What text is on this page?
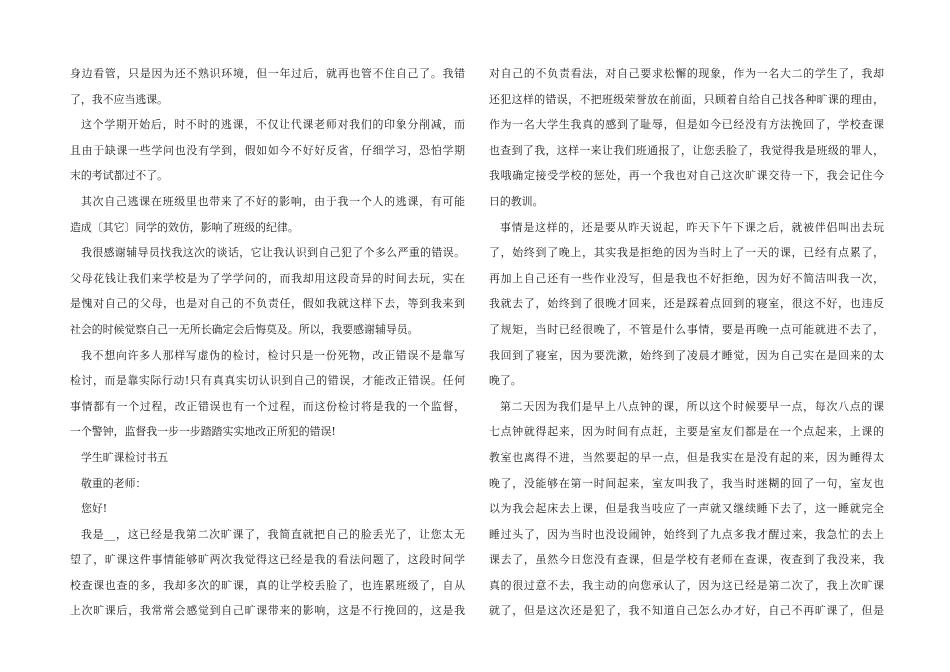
身边看管，只是因为还不熟识环境，但一年过后，就再也管不住自己了。我错
了，我不应当逃课。
这个学期开始后，时不时的逃课，不仅让代课老师对我们的印象分削减，而
且由于缺课一些学问也没有学到，假如如今不好好反省，仔细学习，恐怕学期
末的考试都过不了。
其次自己逃课在班级里也带来了不好的影响，由于我一个人的逃课，有可能
造成〔其它〕同学的效仿，影响了班级的纪律。
我很感谢辅导员找我这次的谈话，它让我认识到自己犯了个多么严重的错误。
父母花钱让我们来学校是为了学学问的，而我却用这段奇异的时间去玩，实在
是愧对自己的父母，也是对自己的不负责任，假如我就这样下去，等到我来到
社会的时候觉察自己一无所长确定会后悔莫及。所以，我要感谢辅导员。
我不想向许多人那样写虚伪的检讨，检讨只是一份死物，改正错误不是靠写
检讨，而是靠实际行动!只有真真实切认识到自己的错误，才能改正错误。任何
事情都有一个过程，改正错误也有一个过程，而这份检讨将是我的一个监督，
一个警钟，监督我一步一步踏踏实实地改正所犯的错误!
学生旷课检讨书五
敬重的老师：
您好!
我是__，这已经是我第二次旷课了，我简直就把自己的脸丢光了，让您太无
望了，旷课这件事情能够旷两次我觉得这已经是我的看法问题了，这段时间学
校查课也查的多，我却多次的旷课，真的让学校丢脸了，也连累班级了，自从
上次旷课后，我常常会感觉到自己旷课带来的影响，这是不行挽回的，这是我
对自己的不负责看法，对自己要求松懈的现象，作为一名大二的学生了，我却
还犯这样的错误，不把班级荣誉放在前面，只顾着自给自己找各种旷课的理由，
作为一名大学生我真的感到了耻辱，但是如今已经没有方法挽回了，学校查课
也查到了我，这样一来让我们班通报了，让您丢脸了，我觉得我是班级的罪人，
我哦确定接受学校的惩处，再一个我也对自己这次旷课交待一下，我会记住今
日的教训。
事情是这样的，还是要从昨天说起，昨天下午下课之后，就被伴侣叫出去玩
了，始终到了晚上，其实我是拒绝的因为当时上了一天的课，已经有点累了，
再加上自己还有一些作业没写，但是我也不好拒绝，因为好不简洁叫我一次，
我就去了，始终到了很晚才回来，还是踩着点回到的寝室，很这不好，也违反
了规矩，当时已经很晚了，不管是什么事情，要是再晚一点可能就进不去了，
我回到了寝室，因为要洗漱，始终到了凌晨才睡觉，因为自己实在是回来的太
晚了。
第二天因为我们是早上八点钟的课，所以这个时候要早一点，每次八点的课
七点钟就得起来，因为时间有点赶，主要是室友们都是在一个点起来，上课的
教室也离得不进，当然要起的早一点，但是我实在是没有起的来，因为睡得太
晚了，没能够在第一时间起来，室友叫我了，我当时迷糊的回了一句，室友也
以为我会起床去上课，但是我当吱应了一声就又继续睡下去了，这一睡就完全
睡过头了，因为当时也没设闹钟，始终到了九点多我才醒过来，我急忙的去上
课去了，虽然今日您没有查课，但是学校有老师在查课，夜查到了我没来，我
真的很过意不去，我主动的向您承认了，因为这已经是第二次了，我上次旷课
就了，但是这次还是犯了，我不知道自己怎么办才好，自己不再旷课了，但是
